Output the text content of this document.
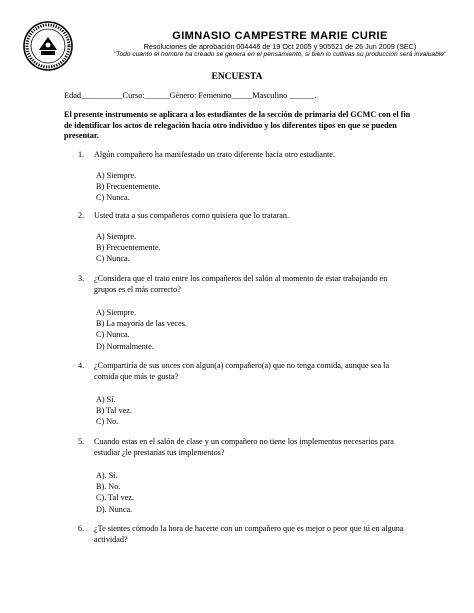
GIMNASIO CAMPESTRE MARIE CURIE
Resoluciones de aprobación 004446 de 19 Oct 2005 y 905521 de 26 Jun 2009 (SEC)
"Todo cuanto el hombre ha creado se genera en el pensamiento, si bien lo cultivas su producción será invaluable"
ENCUESTA
Edad__________Curso:______Género: Femenino_____Masculino ______.
El presente instrumento se aplicara a los estudiantes de la sección de primaria del GCMC con el fin de identificar los actos de relegación hacia otro individuo y los diferentes tipos en que se pueden presentar.
1. Algún compañero ha manifestado un trato diferente hacia otro estudiante.
A) Siempre.
B) Frecuentemente.
C) Nunca.
2. Usted trata a sus compañeros como quisiera que lo trataran.
A) Siempre.
B) Frecuentemente.
C) Nunca.
3. ¿Considera que el trato entre los compañeros del salón al momento de estar trabajando en grupos es el más correcto?
A) Siempre.
B) La mayoría de las veces.
C) Nunca.
D) Normalmente.
4. ¿Compartiría de sus onces con algun(a) compañero(a) que no tenga comida, aunque sea la comida que más te gusta?
A) Sí.
B) Tal vez.
C) No.
5. Cuando estas en el salón de clase y un compañero no tiene los implementos necesarios para estudiar ¿le prestarías tus implementos?
A). Sí.
B). No.
C). Tal vez.
D). Nunca.
6. ¿Te sientes cómodo la hora de hacerte con un compañero que es mejor o peor que tú en alguna actividad?
